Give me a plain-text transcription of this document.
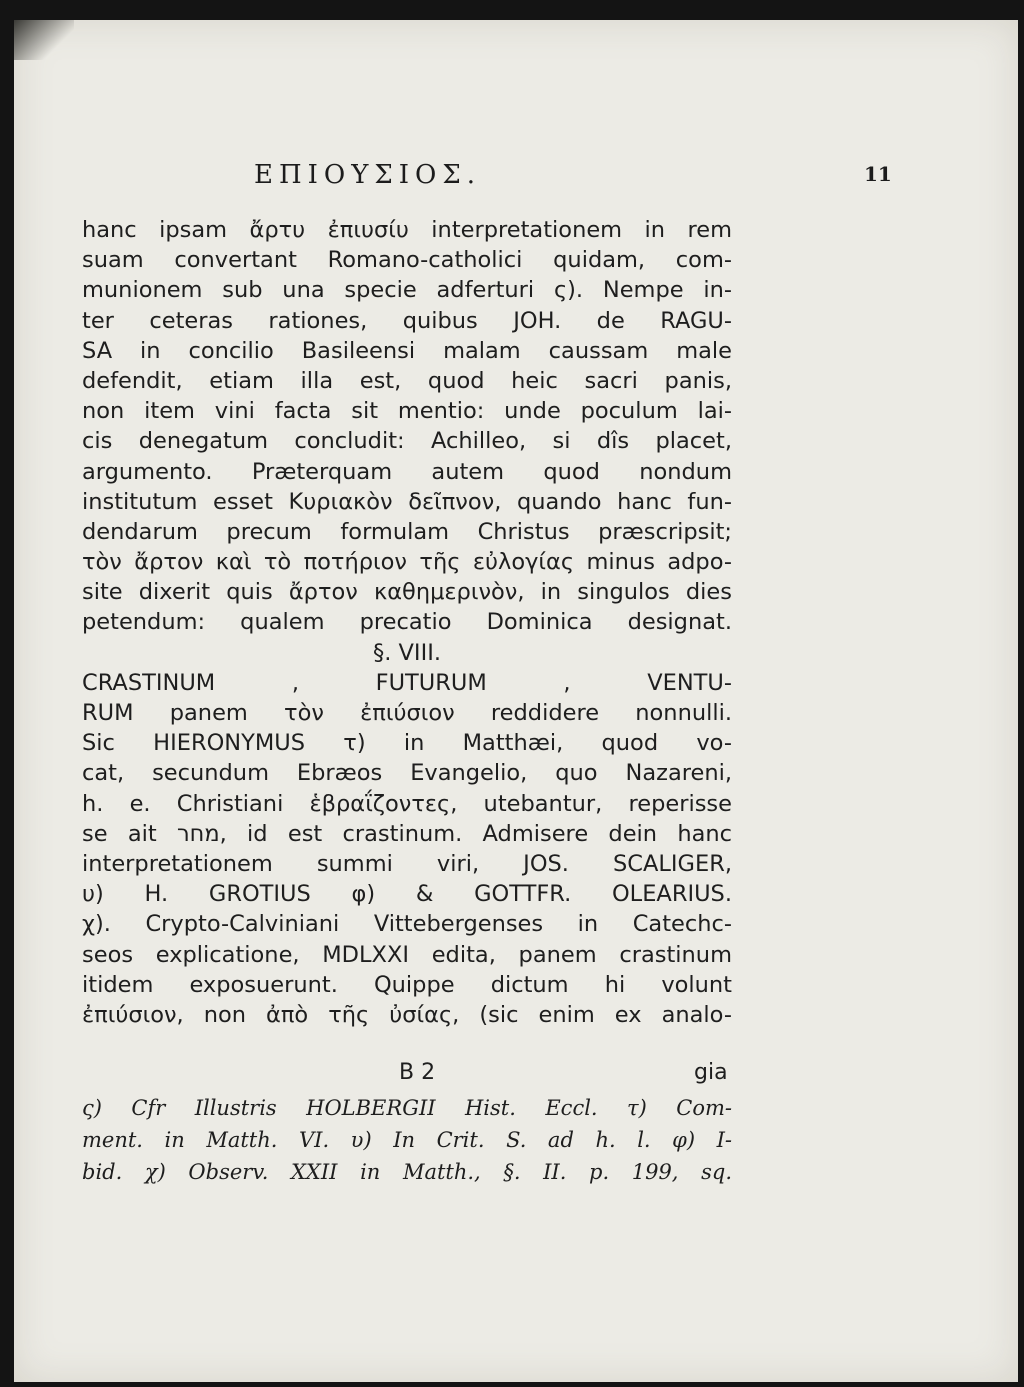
ΕΠΙΟΥΣΙΟΣ.	11
hanc ipsam ἄρτυ ἐπιυσίυ interpretationem in rem
suam convertant Romano-catholici quidam, com-
munionem sub una specie adferturi ς). Nempe in-
ter ceteras rationes, quibus JOH. de RAGU-
SA in concilio Basileensi malam caussam male
defendit, etiam illa est, quod heic sacri panis,
non item vini facta sit mentio: unde poculum lai-
cis denegatum concludit: Achilleo, si dîs placet,
argumento. Præterquam autem quod nondum
institutum esset Κυριακὸν δεῖπνον, quando hanc fun-
dendarum precum formulam Christus præscripsit;
τὸν ἄρτον καὶ τὸ ποτήριον τῆς εὐλογίας minus adpo-
site dixerit quis ἄρτον καθημερινὸν, in singulos dies
petendum: qualem precatio Dominica designat.
§. VIII.
CRASTINUM , FUTURUM , VENTU-
RUM panem τὸν ἐπιύσιον reddidere nonnulli.
Sic HIERONYMUS τ) in Matthæi, quod vo-
cat, secundum Ebræos Evangelio, quo Nazareni,
h. e. Christiani ἑβραΐζοντες, utebantur, reperisse
se ait מחר, id est crastinum. Admisere dein hanc
interpretationem summi viri, JOS. SCALIGER,
υ) H. GROTIUS φ) & GOTTFR. OLEARIUS.
χ). Crypto-Calviniani Vittebergenses in Catechc-
seos explicatione, MDLXXI edita, panem crastinum
itidem exposuerunt. Quippe dictum hi volunt
ἐπιύσιον, non ἀπὸ τῆς ὐσίας, (sic enim ex analo-
B 2	gia
ς) Cfr Illustris HOLBERGII Hist. Eccl. τ) Com-
ment. in Matth. VI. υ) In Crit. S. ad h. l. φ) I-
bid. χ) Observ. XXII in Matth., §. II. p. 199, sq.
